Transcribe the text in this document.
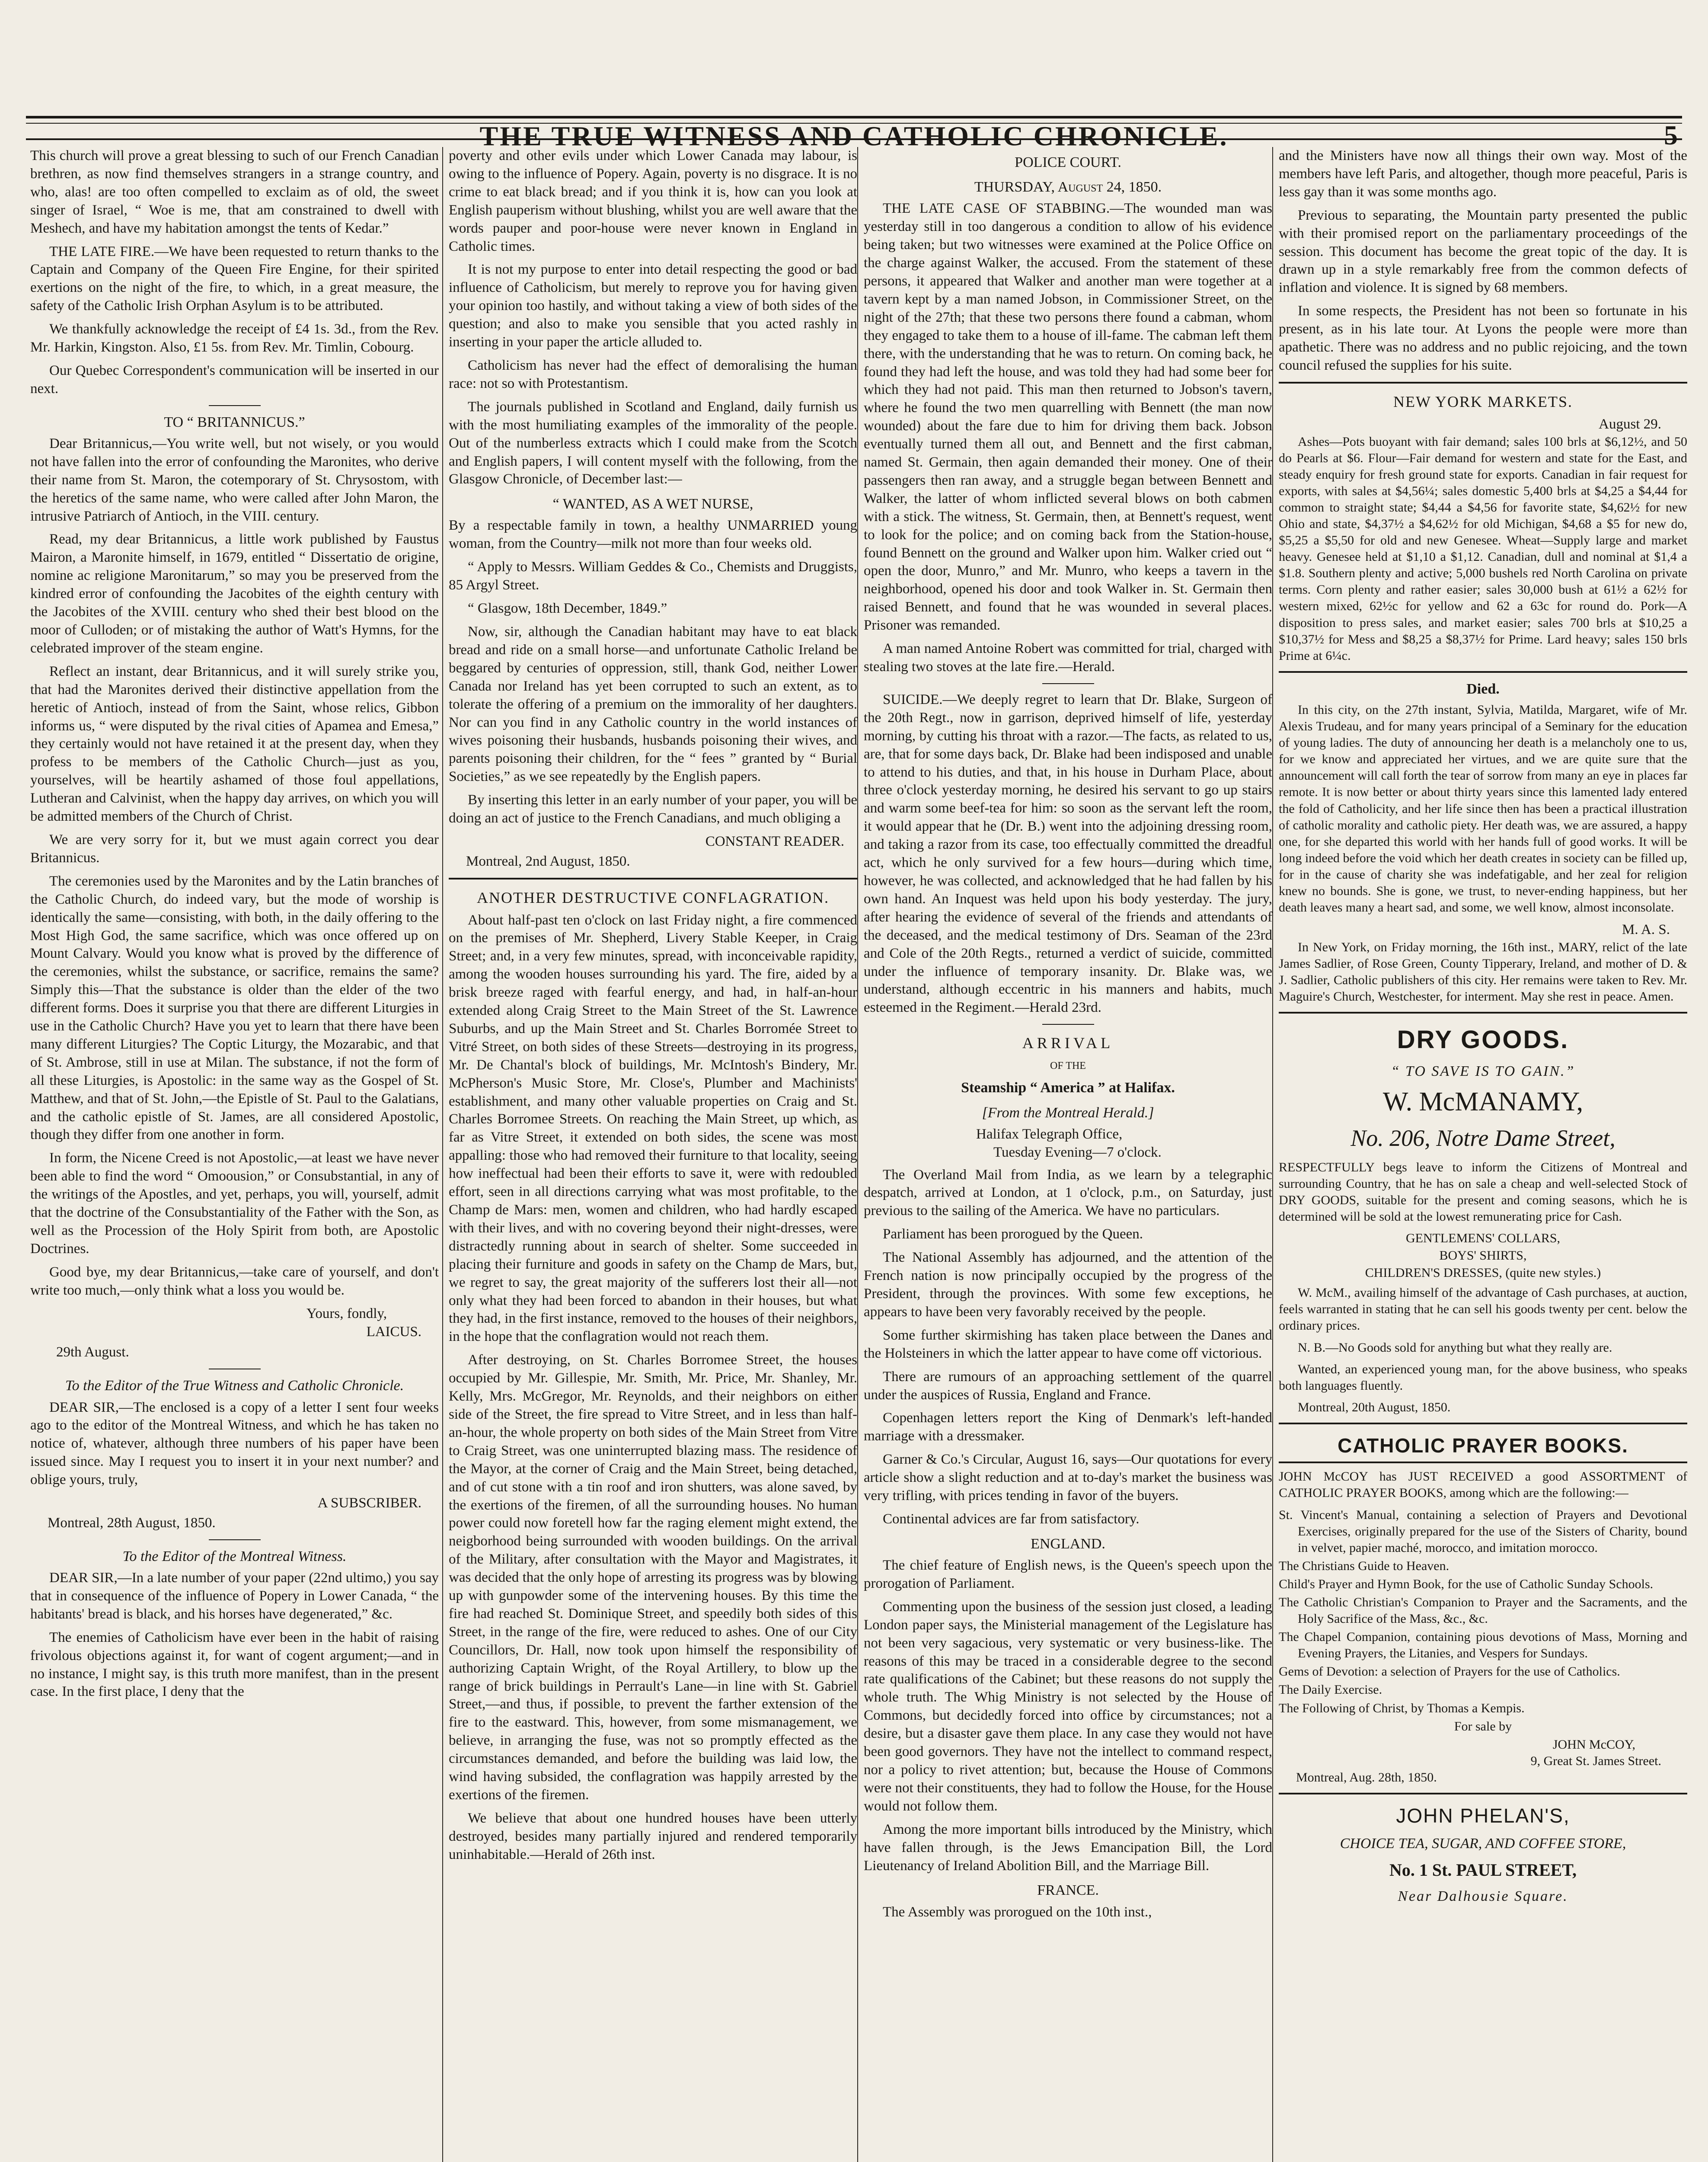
THE TRUE WITNESS AND CATHOLIC CHRONICLE.	5

This church will prove a great blessing to such of our French Canadian brethren, as now find themselves strangers in a strange country, and who, alas! are too often compelled to exclaim as of old, the sweet singer of Israel, “ Woe is me, that am constrained to dwell with Meshech, and have my habitation amongst the tents of Kedar.”

THE LATE FIRE.—We have been requested to return thanks to the Captain and Company of the Queen Fire Engine, for their spirited exertions on the night of the fire, to which, in a great measure, the safety of the Catholic Irish Orphan Asylum is to be attributed.

We thankfully acknowledge the receipt of £4 1s. 3d., from the Rev. Mr. Harkin, Kingston. Also, £1 5s. from Rev. Mr. Timlin, Cobourg.

Our Quebec Correspondent's communication will be inserted in our next.

TO “ BRITANNICUS.”

Dear Britannicus,—You write well, but not wisely, or you would not have fallen into the error of confounding the Maronites, who derive their name from St. Maron, the cotemporary of St. Chrysostom, with the heretics of the same name, who were called after John Maron, the intrusive Patriarch of Antioch, in the VIII. century.

Read, my dear Britannicus, a little work published by Faustus Mairon, a Maronite himself, in 1679, entitled “ Dissertatio de origine, nomine ac religione Maronitarum,” so may you be preserved from the kindred error of confounding the Jacobites of the eighth century with the Jacobites of the XVIII. century who shed their best blood on the moor of Culloden; or of mistaking the author of Watt's Hymns, for the celebrated improver of the steam engine.

Reflect an instant, dear Britannicus, and it will surely strike you, that had the Maronites derived their distinctive appellation from the heretic of Antioch, instead of from the Saint, whose relics, Gibbon informs us, “ were disputed by the rival cities of Apamea and Emesa,” they certainly would not have retained it at the present day, when they profess to be members of the Catholic Church—just as you, yourselves, will be heartily ashamed of those foul appellations, Lutheran and Calvinist, when the happy day arrives, on which you will be admitted members of the Church of Christ.

We are very sorry for it, but we must again correct you dear Britannicus.

The ceremonies used by the Maronites and by the Latin branches of the Catholic Church, do indeed vary, but the mode of worship is identically the same—consisting, with both, in the daily offering to the Most High God, the same sacrifice, which was once offered up on Mount Calvary. Would you know what is proved by the difference of the ceremonies, whilst the substance, or sacrifice, remains the same? Simply this—That the substance is older than the elder of the two different forms. Does it surprise you that there are different Liturgies in use in the Catholic Church? Have you yet to learn that there have been many different Liturgies? The Coptic Liturgy, the Mozarabic, and that of St. Ambrose, still in use at Milan. The substance, if not the form of all these Liturgies, is Apostolic: in the same way as the Gospel of St. Matthew, and that of St. John,—the Epistle of St. Paul to the Galatians, and the catholic epistle of St. James, are all considered Apostolic, though they differ from one another in form.

In form, the Nicene Creed is not Apostolic,—at least we have never been able to find the word “ Omoousion,” or Consubstantial, in any of the writings of the Apostles, and yet, perhaps, you will, yourself, admit that the doctrine of the Consubstantiality of the Father with the Son, as well as the Procession of the Holy Spirit from both, are Apostolic Doctrines.

Good bye, my dear Britannicus,—take care of yourself, and don't write too much,—only think what a loss you would be.

Yours, fondly,
LAICUS.
29th August.
To the Editor of the True Witness and Catholic Chronicle.

DEAR SIR,—The enclosed is a copy of a letter I sent four weeks ago to the editor of the Montreal Witness, and which he has taken no notice of, whatever, although three numbers of his paper have been issued since. May I request you to insert it in your next number? and oblige yours, truly,

A SUBSCRIBER.
Montreal, 28th August, 1850.
To the Editor of the Montreal Witness.

DEAR SIR,—In a late number of your paper (22nd ultimo,) you say that in consequence of the influence of Popery in Lower Canada, “ the habitants' bread is black, and his horses have degenerated,” &c.

The enemies of Catholicism have ever been in the habit of raising frivolous objections against it, for want of cogent argument;—and in no instance, I might say, is this truth more manifest, than in the present case. In the first place, I deny that the

poverty and other evils under which Lower Canada may labour, is owing to the influence of Popery. Again, poverty is no disgrace. It is no crime to eat black bread; and if you think it is, how can you look at English pauperism without blushing, whilst you are well aware that the words pauper and poor-house were never known in England in Catholic times.

It is not my purpose to enter into detail respecting the good or bad influence of Catholicism, but merely to reprove you for having given your opinion too hastily, and without taking a view of both sides of the question; and also to make you sensible that you acted rashly in inserting in your paper the article alluded to.

Catholicism has never had the effect of demoralising the human race: not so with Protestantism.

The journals published in Scotland and England, daily furnish us with the most humiliating examples of the immorality of the people. Out of the numberless extracts which I could make from the Scotch and English papers, I will content myself with the following, from the Glasgow Chronicle, of December last:—

“ WANTED, AS A WET NURSE,

By a respectable family in town, a healthy UNMARRIED young woman, from the Country—milk not more than four weeks old.

“ Apply to Messrs. William Geddes & Co., Chemists and Druggists, 85 Argyl Street.

“ Glasgow, 18th December, 1849.”

Now, sir, although the Canadian habitant may have to eat black bread and ride on a small horse—and unfortunate Catholic Ireland be beggared by centuries of oppression, still, thank God, neither Lower Canada nor Ireland has yet been corrupted to such an extent, as to tolerate the offering of a premium on the immorality of her daughters. Nor can you find in any Catholic country in the world instances of wives poisoning their husbands, husbands poisoning their wives, and parents poisoning their children, for the “ fees ” granted by “ Burial Societies,” as we see repeatedly by the English papers.

By inserting this letter in an early number of your paper, you will be doing an act of justice to the French Canadians, and much obliging a

CONSTANT READER.
Montreal, 2nd August, 1850.
ANOTHER DESTRUCTIVE CONFLAGRATION.

About half-past ten o'clock on last Friday night, a fire commenced on the premises of Mr. Shepherd, Livery Stable Keeper, in Craig Street; and, in a very few minutes, spread, with inconceivable rapidity, among the wooden houses surrounding his yard. The fire, aided by a brisk breeze raged with fearful energy, and had, in half-an-hour extended along Craig Street to the Main Street of the St. Lawrence Suburbs, and up the Main Street and St. Charles Borromée Street to Vitré Street, on both sides of these Streets—destroying in its progress, Mr. De Chantal's block of buildings, Mr. McIntosh's Bindery, Mr. McPherson's Music Store, Mr. Close's, Plumber and Machinists' establishment, and many other valuable properties on Craig and St. Charles Borromee Streets. On reaching the Main Street, up which, as far as Vitre Street, it extended on both sides, the scene was most appalling: those who had removed their furniture to that locality, seeing how ineffectual had been their efforts to save it, were with redoubled effort, seen in all directions carrying what was most profitable, to the Champ de Mars: men, women and children, who had hardly escaped with their lives, and with no covering beyond their night-dresses, were distractedly running about in search of shelter. Some succeeded in placing their furniture and goods in safety on the Champ de Mars, but, we regret to say, the great majority of the sufferers lost their all—not only what they had been forced to abandon in their houses, but what they had, in the first instance, removed to the houses of their neighbors, in the hope that the conflagration would not reach them.

After destroying, on St. Charles Borromee Street, the houses occupied by Mr. Gillespie, Mr. Smith, Mr. Price, Mr. Shanley, Mr. Kelly, Mrs. McGregor, Mr. Reynolds, and their neighbors on either side of the Street, the fire spread to Vitre Street, and in less than half-an-hour, the whole property on both sides of the Main Street from Vitre to Craig Street, was one uninterrupted blazing mass. The residence of the Mayor, at the corner of Craig and the Main Street, being detached, and of cut stone with a tin roof and iron shutters, was alone saved, by the exertions of the firemen, of all the surrounding houses. No human power could now foretell how far the raging element might extend, the neigborhood being surrounded with wooden buildings. On the arrival of the Military, after consultation with the Mayor and Magistrates, it was decided that the only hope of arresting its progress was by blowing up with gunpowder some of the intervening houses. By this time the fire had reached St. Dominique Street, and speedily both sides of this Street, in the range of the fire, were reduced to ashes. One of our City Councillors, Dr. Hall, now took upon himself the responsibility of authorizing Captain Wright, of the Royal Artillery, to blow up the range of brick buildings in Perrault's Lane—in line with St. Gabriel Street,—and thus, if possible, to prevent the farther extension of the fire to the eastward. This, however, from some mismanagement, we believe, in arranging the fuse, was not so promptly effected as the circumstances demanded, and before the building was laid low, the wind having subsided, the conflagration was happily arrested by the exertions of the firemen.

We believe that about one hundred houses have been utterly destroyed, besides many partially injured and rendered temporarily uninhabitable.—Herald of 26th inst.

POLICE COURT.
THURSDAY, August 24, 1850.

THE LATE CASE OF STABBING.—The wounded man was yesterday still in too dangerous a condition to allow of his evidence being taken; but two witnesses were examined at the Police Office on the charge against Walker, the accused. From the statement of these persons, it appeared that Walker and another man were together at a tavern kept by a man named Jobson, in Commissioner Street, on the night of the 27th; that these two persons there found a cabman, whom they engaged to take them to a house of ill-fame. The cabman left them there, with the understanding that he was to return. On coming back, he found they had left the house, and was told they had had some beer for which they had not paid. This man then returned to Jobson's tavern, where he found the two men quarrelling with Bennett (the man now wounded) about the fare due to him for driving them back. Jobson eventually turned them all out, and Bennett and the first cabman, named St. Germain, then again demanded their money. One of their passengers then ran away, and a struggle began between Bennett and Walker, the latter of whom inflicted several blows on both cabmen with a stick. The witness, St. Germain, then, at Bennett's request, went to look for the police; and on coming back from the Station-house, found Bennett on the ground and Walker upon him. Walker cried out “ open the door, Munro,” and Mr. Munro, who keeps a tavern in the neighborhood, opened his door and took Walker in. St. Germain then raised Bennett, and found that he was wounded in several places. Prisoner was remanded.

A man named Antoine Robert was committed for trial, charged with stealing two stoves at the late fire.—Herald.

SUICIDE.—We deeply regret to learn that Dr. Blake, Surgeon of the 20th Regt., now in garrison, deprived himself of life, yesterday morning, by cutting his throat with a razor.—The facts, as related to us, are, that for some days back, Dr. Blake had been indisposed and unable to attend to his duties, and that, in his house in Durham Place, about three o'clock yesterday morning, he desired his servant to go up stairs and warm some beef-tea for him: so soon as the servant left the room, it would appear that he (Dr. B.) went into the adjoining dressing room, and taking a razor from its case, too effectually committed the dreadful act, which he only survived for a few hours—during which time, however, he was collected, and acknowledged that he had fallen by his own hand. An Inquest was held upon his body yesterday. The jury, after hearing the evidence of several of the friends and attendants of the deceased, and the medical testimony of Drs. Seaman of the 23rd and Cole of the 20th Regts., returned a verdict of suicide, committed under the influence of temporary insanity. Dr. Blake was, we understand, although eccentric in his manners and habits, much esteemed in the Regiment.—Herald 23rd.

ARRIVAL
OF THE
Steamship “ America ” at Halifax.
[From the Montreal Herald.]
Halifax Telegraph Office,
Tuesday Evening—7 o'clock.

The Overland Mail from India, as we learn by a telegraphic despatch, arrived at London, at 1 o'clock, p.m., on Saturday, just previous to the sailing of the America. We have no particulars.

Parliament has been prorogued by the Queen.

The National Assembly has adjourned, and the attention of the French nation is now principally occupied by the progress of the President, through the provinces. With some few exceptions, he appears to have been very favorably received by the people.

Some further skirmishing has taken place between the Danes and the Holsteiners in which the latter appear to have come off victorious.

There are rumours of an approaching settlement of the quarrel under the auspices of Russia, England and France.

Copenhagen letters report the King of Denmark's left-handed marriage with a dressmaker.

Garner & Co.'s Circular, August 16, says—Our quotations for every article show a slight reduction and at to-day's market the business was very trifling, with prices tending in favor of the buyers.

Continental advices are far from satisfactory.

ENGLAND.

The chief feature of English news, is the Queen's speech upon the prorogation of Parliament.

Commenting upon the business of the session just closed, a leading London paper says, the Ministerial management of the Legislature has not been very sagacious, very systematic or very business-like. The reasons of this may be traced in a considerable degree to the second rate qualifications of the Cabinet; but these reasons do not supply the whole truth. The Whig Ministry is not selected by the House of Commons, but decidedly forced into office by circumstances; not a desire, but a disaster gave them place. In any case they would not have been good governors. They have not the intellect to command respect, nor a policy to rivet attention; but, because the House of Commons were not their constituents, they had to follow the House, for the House would not follow them.

Among the more important bills introduced by the Ministry, which have fallen through, is the Jews Emancipation Bill, the Lord Lieutenancy of Ireland Abolition Bill, and the Marriage Bill.

FRANCE.

The Assembly was prorogued on the 10th inst.,

and the Ministers have now all things their own way. Most of the members have left Paris, and altogether, though more peaceful, Paris is less gay than it was some months ago.

Previous to separating, the Mountain party presented the public with their promised report on the parliamentary proceedings of the session. This document has become the great topic of the day. It is drawn up in a style remarkably free from the common defects of inflation and violence. It is signed by 68 members.

In some respects, the President has not been so fortunate in his present, as in his late tour. At Lyons the people were more than apathetic. There was no address and no public rejoicing, and the town council refused the supplies for his suite.

NEW YORK MARKETS.
August 29.

Ashes—Pots buoyant with fair demand; sales 100 brls at $6,12½, and 50 do Pearls at $6. Flour—Fair demand for western and state for the East, and steady enquiry for fresh ground state for exports. Canadian in fair request for exports, with sales at $4,56¼; sales domestic 5,400 brls at $4,25 a $4,44 for common to straight state; $4,44 a $4,56 for favorite state, $4,62½ for new Ohio and state, $4,37½ a $4,62½ for old Michigan, $4,68 a $5 for new do, $5,25 a $5,50 for old and new Genesee. Wheat—Supply large and market heavy. Genesee held at $1,10 a $1,12. Canadian, dull and nominal at $1,4 a $1.8. Southern plenty and active; 5,000 bushels red North Carolina on private terms. Corn plenty and rather easier; sales 30,000 bush at 61½ a 62½ for western mixed, 62½c for yellow and 62 a 63c for round do. Pork—A disposition to press sales, and market easier; sales 700 brls at $10,25 a $10,37½ for Mess and $8,25 a $8,37½ for Prime. Lard heavy; sales 150 brls Prime at 6¼c.

Died.

In this city, on the 27th instant, Sylvia, Matilda, Margaret, wife of Mr. Alexis Trudeau, and for many years principal of a Seminary for the education of young ladies. The duty of announcing her death is a melancholy one to us, for we know and appreciated her virtues, and we are quite sure that the announcement will call forth the tear of sorrow from many an eye in places far remote. It is now better or about thirty years since this lamented lady entered the fold of Catholicity, and her life since then has been a practical illustration of catholic morality and catholic piety. Her death was, we are assured, a happy one, for she departed this world with her hands full of good works. It will be long indeed before the void which her death creates in society can be filled up, for in the cause of charity she was indefatigable, and her zeal for religion knew no bounds. She is gone, we trust, to never-ending happiness, but her death leaves many a heart sad, and some, we well know, almost inconsolate.

M. A. S.

In New York, on Friday morning, the 16th inst., MARY, relict of the late James Sadlier, of Rose Green, County Tipperary, Ireland, and mother of D. & J. Sadlier, Catholic publishers of this city. Her remains were taken to Rev. Mr. Maguire's Church, Westchester, for interment. May she rest in peace. Amen.

DRY GOODS.
“ TO SAVE IS TO GAIN.”
W. McMANAMY,
No. 206, Notre Dame Street,

RESPECTFULLY begs leave to inform the Citizens of Montreal and surrounding Country, that he has on sale a cheap and well-selected Stock of DRY GOODS, suitable for the present and coming seasons, which he is determined will be sold at the lowest remunerating price for Cash.

GENTLEMENS' COLLARS,
BOYS' SHIRTS,
CHILDREN'S DRESSES, (quite new styles.)

W. McM., availing himself of the advantage of Cash purchases, at auction, feels warranted in stating that he can sell his goods twenty per cent. below the ordinary prices.

N. B.—No Goods sold for anything but what they really are.

Wanted, an experienced young man, for the above business, who speaks both languages fluently.

Montreal, 20th August, 1850.

CATHOLIC PRAYER BOOKS.

JOHN McCOY has JUST RECEIVED a good ASSORTMENT of CATHOLIC PRAYER BOOKS, among which are the following:—

St. Vincent's Manual, containing a selection of Prayers and Devotional Exercises, originally prepared for the use of the Sisters of Charity, bound in velvet, papier maché, morocco, and imitation morocco.
The Christians Guide to Heaven.
Child's Prayer and Hymn Book, for the use of Catholic Sunday Schools.
The Catholic Christian's Companion to Prayer and the Sacraments, and the Holy Sacrifice of the Mass, &c., &c.
The Chapel Companion, containing pious devotions of Mass, Morning and Evening Prayers, the Litanies, and Vespers for Sundays.
Gems of Devotion: a selection of Prayers for the use of Catholics.
The Daily Exercise.
The Following of Christ, by Thomas a Kempis.
For sale by
JOHN McCOY,
9, Great St. James Street.
Montreal, Aug. 28th, 1850.
JOHN PHELAN'S,
CHOICE TEA, SUGAR, AND COFFEE STORE,
No. 1 St. PAUL STREET,
Near Dalhousie Square.
